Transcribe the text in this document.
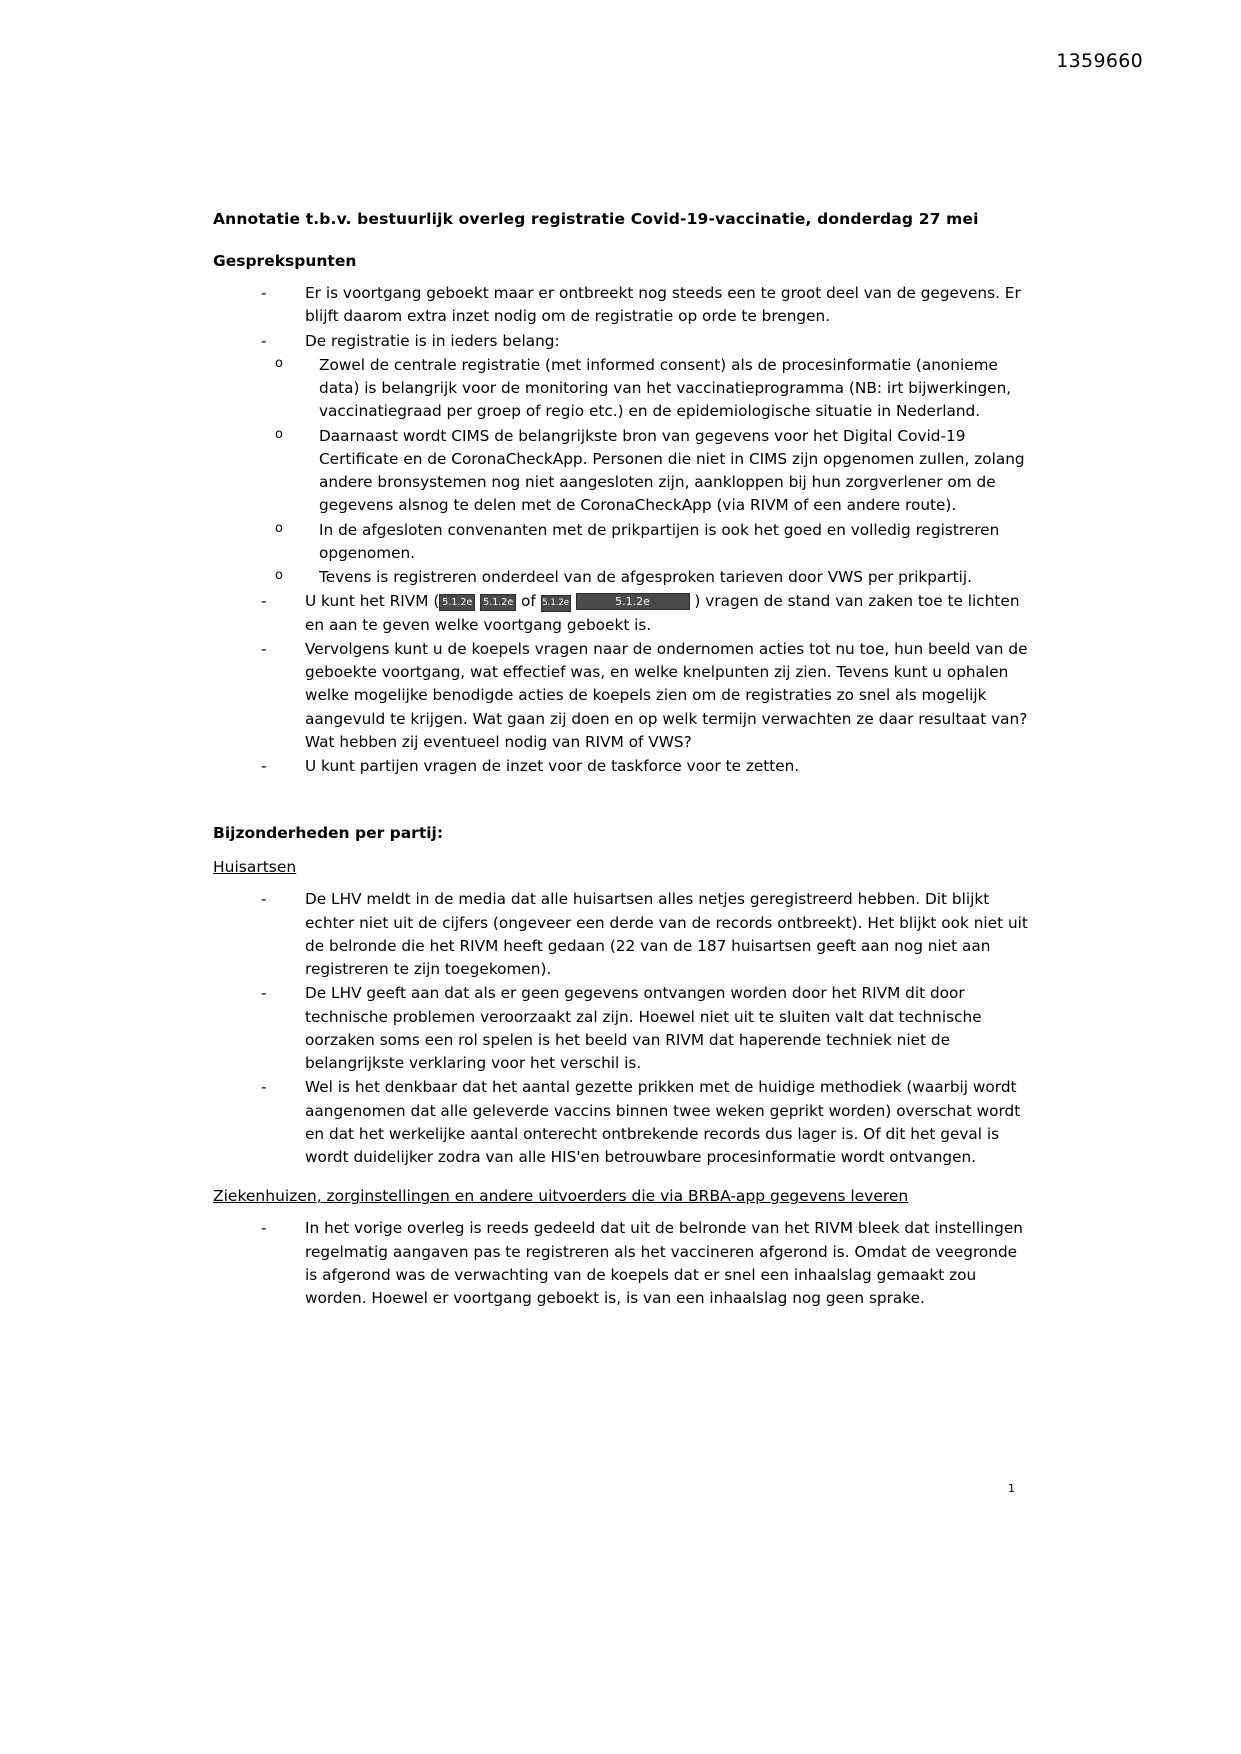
1359660
Annotatie t.b.v. bestuurlijk overleg registratie Covid-19-vaccinatie, donderdag 27 mei
Gesprekspunten
- Er is voortgang geboekt maar er ontbreekt nog steeds een te groot deel van de gegevens. Er blijft daarom extra inzet nodig om de registratie op orde te brengen.
- De registratie is in ieders belang:
o Zowel de centrale registratie (met informed consent) als de procesinformatie (anonieme data) is belangrijk voor de monitoring van het vaccinatieprogramma (NB: irt bijwerkingen, vaccinatiegraad per groep of regio etc.) en de epidemiologische situatie in Nederland.
o Daarnaast wordt CIMS de belangrijkste bron van gegevens voor het Digital Covid-19 Certificate en de CoronaCheckApp. Personen die niet in CIMS zijn opgenomen zullen, zolang andere bronsystemen nog niet aangesloten zijn, aankloppen bij hun zorgverlener om de gegevens alsnog te delen met de CoronaCheckApp (via RIVM of een andere route).
o In de afgesloten convenanten met de prikpartijen is ook het goed en volledig registreren opgenomen.
o Tevens is registreren onderdeel van de afgesproken tarieven door VWS per prikpartij.
- U kunt het RIVM ( 5.1.2e 5.1.2e of 5.1.2e	5.1.2e	) vragen de stand van zaken toe te lichten en aan te geven welke voortgang geboekt is.
- Vervolgens kunt u de koepels vragen naar de ondernomen acties tot nu toe, hun beeld van de geboekte voortgang, wat effectief was, en welke knelpunten zij zien. Tevens kunt u ophalen welke mogelijke benodigde acties de koepels zien om de registraties zo snel als mogelijk aangevuld te krijgen. Wat gaan zij doen en op welk termijn verwachten ze daar resultaat van? Wat hebben zij eventueel nodig van RIVM of VWS?
- U kunt partijen vragen de inzet voor de taskforce voor te zetten.
Bijzonderheden per partij:
Huisartsen
- De LHV meldt in de media dat alle huisartsen alles netjes geregistreerd hebben. Dit blijkt echter niet uit de cijfers (ongeveer een derde van de records ontbreekt). Het blijkt ook niet uit de belronde die het RIVM heeft gedaan (22 van de 187 huisartsen geeft aan nog niet aan registreren te zijn toegekomen).
- De LHV geeft aan dat als er geen gegevens ontvangen worden door het RIVM dit door technische problemen veroorzaakt zal zijn. Hoewel niet uit te sluiten valt dat technische oorzaken soms een rol spelen is het beeld van RIVM dat haperende techniek niet de belangrijkste verklaring voor het verschil is.
- Wel is het denkbaar dat het aantal gezette prikken met de huidige methodiek (waarbij wordt aangenomen dat alle geleverde vaccins binnen twee weken geprikt worden) overschat wordt en dat het werkelijke aantal onterecht ontbrekende records dus lager is. Of dit het geval is wordt duidelijker zodra van alle HIS'en betrouwbare procesinformatie wordt ontvangen.
Ziekenhuizen, zorginstellingen en andere uitvoerders die via BRBA-app gegevens leveren
- In het vorige overleg is reeds gedeeld dat uit de belronde van het RIVM bleek dat instellingen regelmatig aangaven pas te registreren als het vaccineren afgerond is. Omdat de veegronde is afgerond was de verwachting van de koepels dat er snel een inhaalslag gemaakt zou worden. Hoewel er voortgang geboekt is, is van een inhaalslag nog geen sprake.
1
